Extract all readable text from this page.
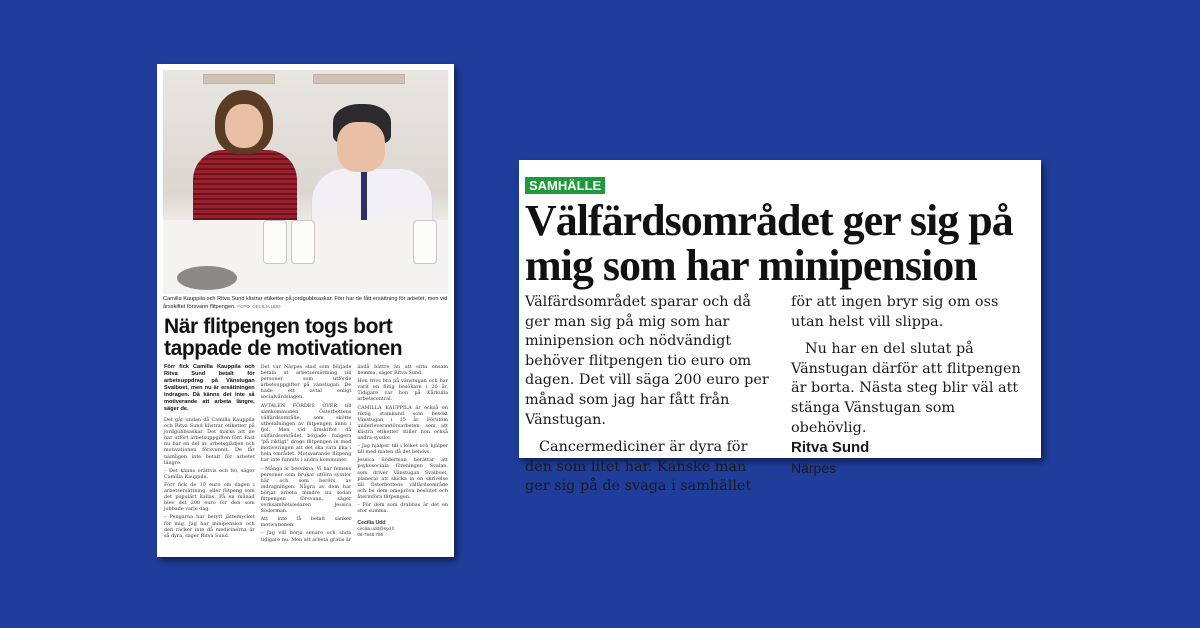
Camilla Kauppila och Ritva Sund klistrar etiketter på jordgubbsaskar. Förr har de fått ersättning för arbetet, men vid årsskiftet försvann flitpengen. FOTO: CECILIA UDD
När flitpengen togs bort tappade de motivationen

Förr fick Camilla Kauppila och Ritva Sund betalt för arbetsuppdrag på Vänstugan Svalboet, men nu är ersättningen indragen. Då känns det inte så motiverande att arbeta längre, säger de.

Det går undan då Camilla Kauppila och Ritva Sund klistrar etiketter på jordgubbsaskar. Det märks att de har utfört arbetsuppgiften förr. Fast nu har en del av arbetsglädjen och motivationen försvunnit. De får nämligen inte betalt för arbetet längre.

– Det känns orättvis och fel, säger Camilla Kauppila.

Förr fick de 10 euro om dagen i arbetsersättning, eller flitpeng som det populärt kallas. På en månad blev det 200 euro för den som jobbade varje dag.

– Pengarna har betytt jättemycket för mig. Jag har minipension och den räcker inte då medicinerna är så dyra, säger Ritva Sund.

Det var Närpes stad som började betala ut arbetsersättning till personer som utförde arbetsuppgifter på vänstugan. De hade ett avtal enligt socialvårdslagen.

AVTALEN FÖRDES ÖVER till samkommunen Österbottens välfärdsområde, som skötte utbetalningen av flitpengen ännu i fjol. Men vid årsskiftet då välfärdsområdet började fungera "på riktigt" drogs flitpengen in med motiveringen att det ska vara lika i hela området. Motsvarande flitpeng har inte funnits i andra kommuner.

– Många är besvikna. Vi har femsex personer som brukar utföra sysslor här och som berörs av indragningen. Några av dem har börjat arbeta mindre nu sedan flitpengen försvann, säger verksamhetsledaren Jessica Söderman.

Att inte få betalt sänker motivationen.

– Jag vill börja senare och sluta tidigare nu. Men att arbeta gratis är

ändå bättre än att sitta ensam hemma, säger Ritva Sund.

Hon trivs bra på vänstugan och har varit en flitig besökare i 20 år. Tidigare var hon på Kårkulla arbetscentral.

CAMILLA KAUPPILA är också en riktig stamkund som besökt Vänstugan i 15 år. Förutom underleverantörsarbeten som att klistra etiketter stiller hon också andra sysslor.

– Jag hjälper till i köket och hjälper till med maten då det behövs.

Jessica Söderman berättar att psykosociala föreningen Svalan, som driver Vänstugan Svalboet, planerar att skicka in en skrivelse till Österbottens välfärdsområde och be dem omepröva beslutet och återinföra flitpengen.

– För dem som drabbas är det en stor summa.

Cecilia Udd
cecilia.udd@syd.fi
06-7848 766
SAMHÄLLE
Välfärdsområdet ger sig på mig som har minipension

Välfärdsområdet sparar och då ger man sig på mig som har minipension och nödvändigt behöver flitpengen tio euro om dagen. Det vill säga 200 euro per månad som jag har fått från Vänstugan.

Cancermediciner är dyra för den som litet har. Kanske man ger sig på de svaga i samhället för att ingen bryr sig om oss utan helst vill slippa.

Nu har en del slutat på Vänstugan därför att flitpengen är borta. Nästa steg blir väl att stänga Vänstugan som obehövlig.

Ritva Sund
Närpes
